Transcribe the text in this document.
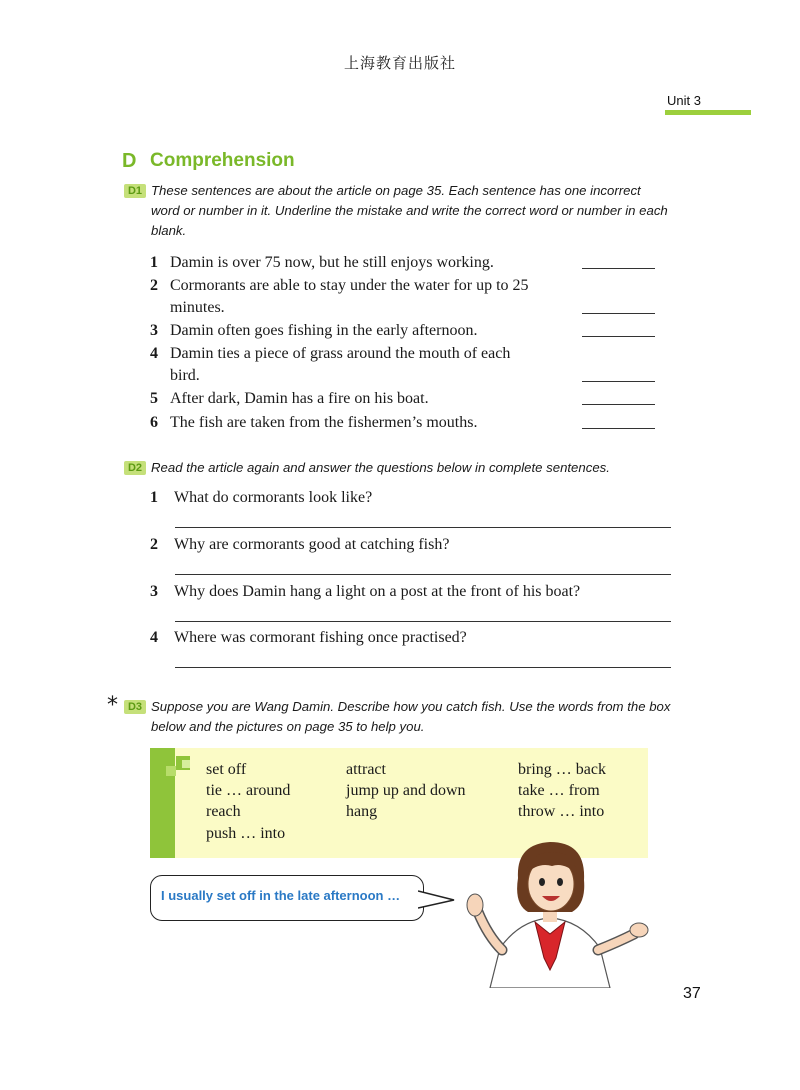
上海教育出版社
Unit 3
D Comprehension
D1 These sentences are about the article on page 35. Each sentence has one incorrect word or number in it. Underline the mistake and write the correct word or number in each blank.
1 Damin is over 75 now, but he still enjoys working.
2 Cormorants are able to stay under the water for up to 25 minutes.
3 Damin often goes fishing in the early afternoon.
4 Damin ties a piece of grass around the mouth of each bird.
5 After dark, Damin has a fire on his boat.
6 The fish are taken from the fishermen’s mouths.
D2 Read the article again and answer the questions below in complete sentences.
1 What do cormorants look like?
2 Why are cormorants good at catching fish?
3 Why does Damin hang a light on a post at the front of his boat?
4 Where was cormorant fishing once practised?
* D3 Suppose you are Wang Damin. Describe how you catch fish. Use the words from the box below and the pictures on page 35 to help you.
set off
tie … around
reach
push … into
attract
jump up and down
hang
bring … back
take … from
throw … into
I usually set off in the late afternoon …
37
